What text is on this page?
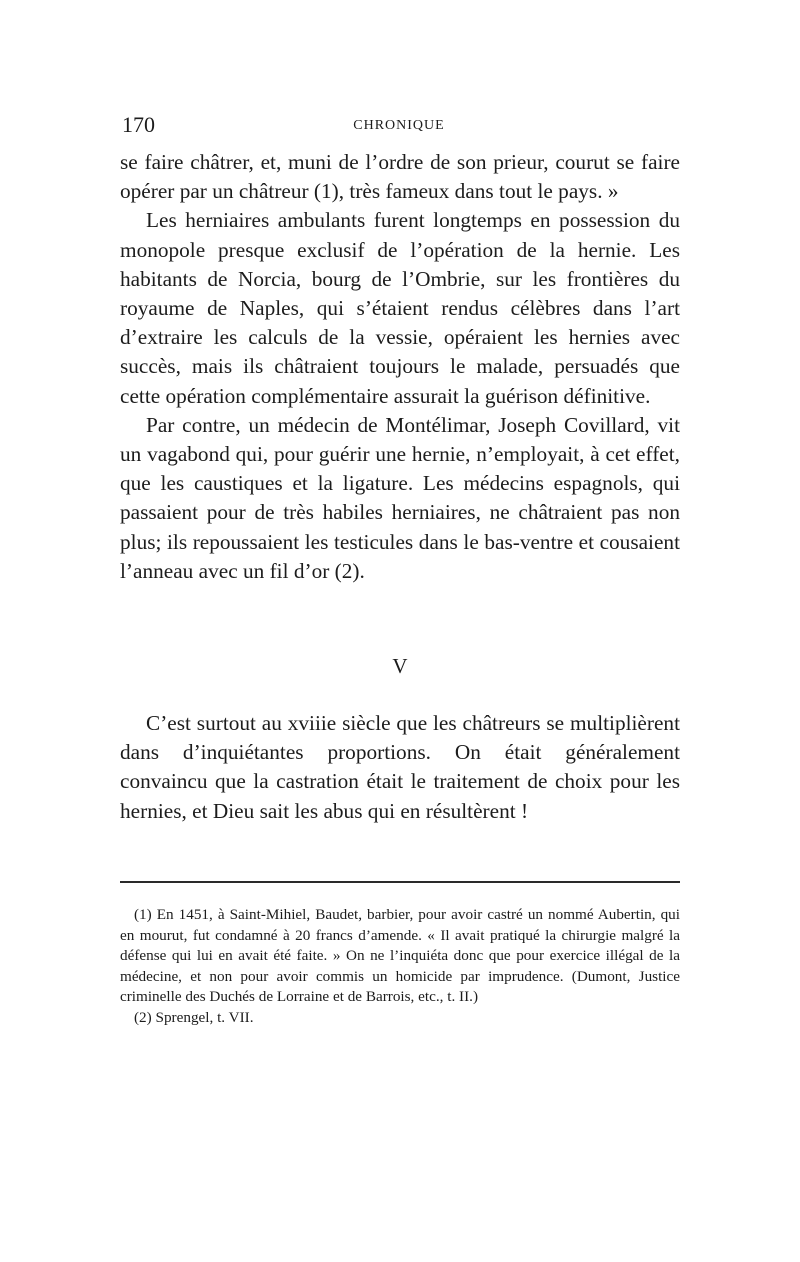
170	CHRONIQUE

se faire châtrer, et, muni de l’ordre de son prieur, courut se faire opérer par un châtreur (1), très fameux dans tout le pays. »

Les herniaires ambulants furent longtemps en possession du monopole presque exclusif de l’opération de la hernie. Les habitants de Norcia, bourg de l’Ombrie, sur les frontières du royaume de Naples, qui s’étaient rendus célèbres dans l’art d’extraire les calculs de la vessie, opéraient les hernies avec succès, mais ils châtraient toujours le malade, persuadés que cette opération complémentaire assurait la guérison définitive.

Par contre, un médecin de Montélimar, Joseph Covillard, vit un vagabond qui, pour guérir une hernie, n’employait, à cet effet, que les caustiques et la ligature. Les médecins espagnols, qui passaient pour de très habiles herniaires, ne châtraient pas non plus; ils repoussaient les testicules dans le bas-ventre et cousaient l’anneau avec un fil d’or (2).

V

C’est surtout au xviiie siècle que les châtreurs se multiplièrent dans d’inquiétantes proportions. On était généralement convaincu que la castration était le traitement de choix pour les hernies, et Dieu sait les abus qui en résultèrent !

(1) En 1451, à Saint-Mihiel, Baudet, barbier, pour avoir castré un nommé Aubertin, qui en mourut, fut condamné à 20 francs d’amende. « Il avait pratiqué la chirurgie malgré la défense qui lui en avait été faite. » On ne l’inquiéta donc que pour exercice illégal de la médecine, et non pour avoir commis un homicide par imprudence. (Dumont, Justice criminelle des Duchés de Lorraine et de Barrois, etc., t. II.)

(2) Sprengel, t. VII.
